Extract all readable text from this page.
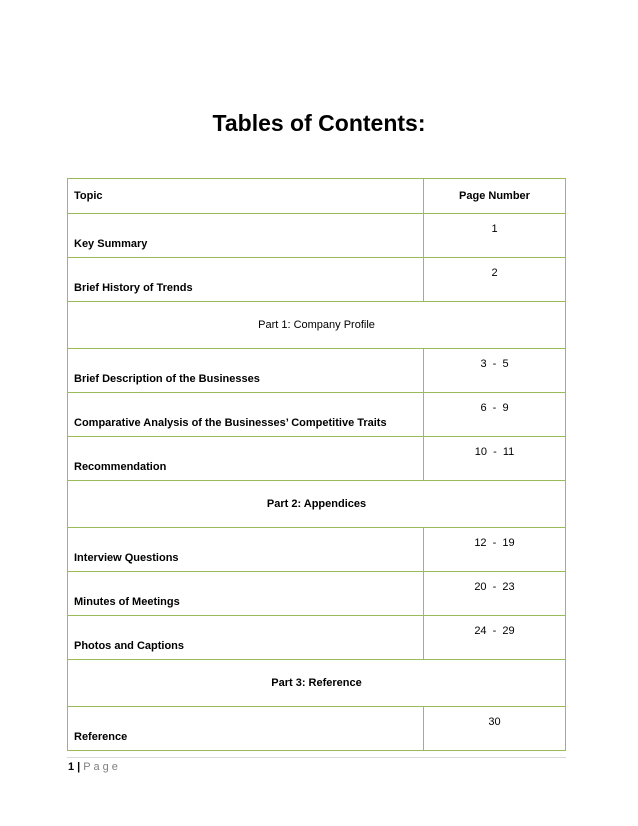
Tables of Contents:
Topic	Page Number
Key Summary	1
Brief History of Trends	2
Part 1: Company Profile	
Brief Description of the Businesses	3  -  5
Comparative Analysis of the Businesses’ Competitive Traits	6  -  9
Recommendation	10  -  11
Part 2: Appendices	
Interview Questions	12  -  19
Minutes of Meetings	20  -  23
Photos and Captions	24  -  29
Part 3: Reference	
Reference	30
1 | Page
